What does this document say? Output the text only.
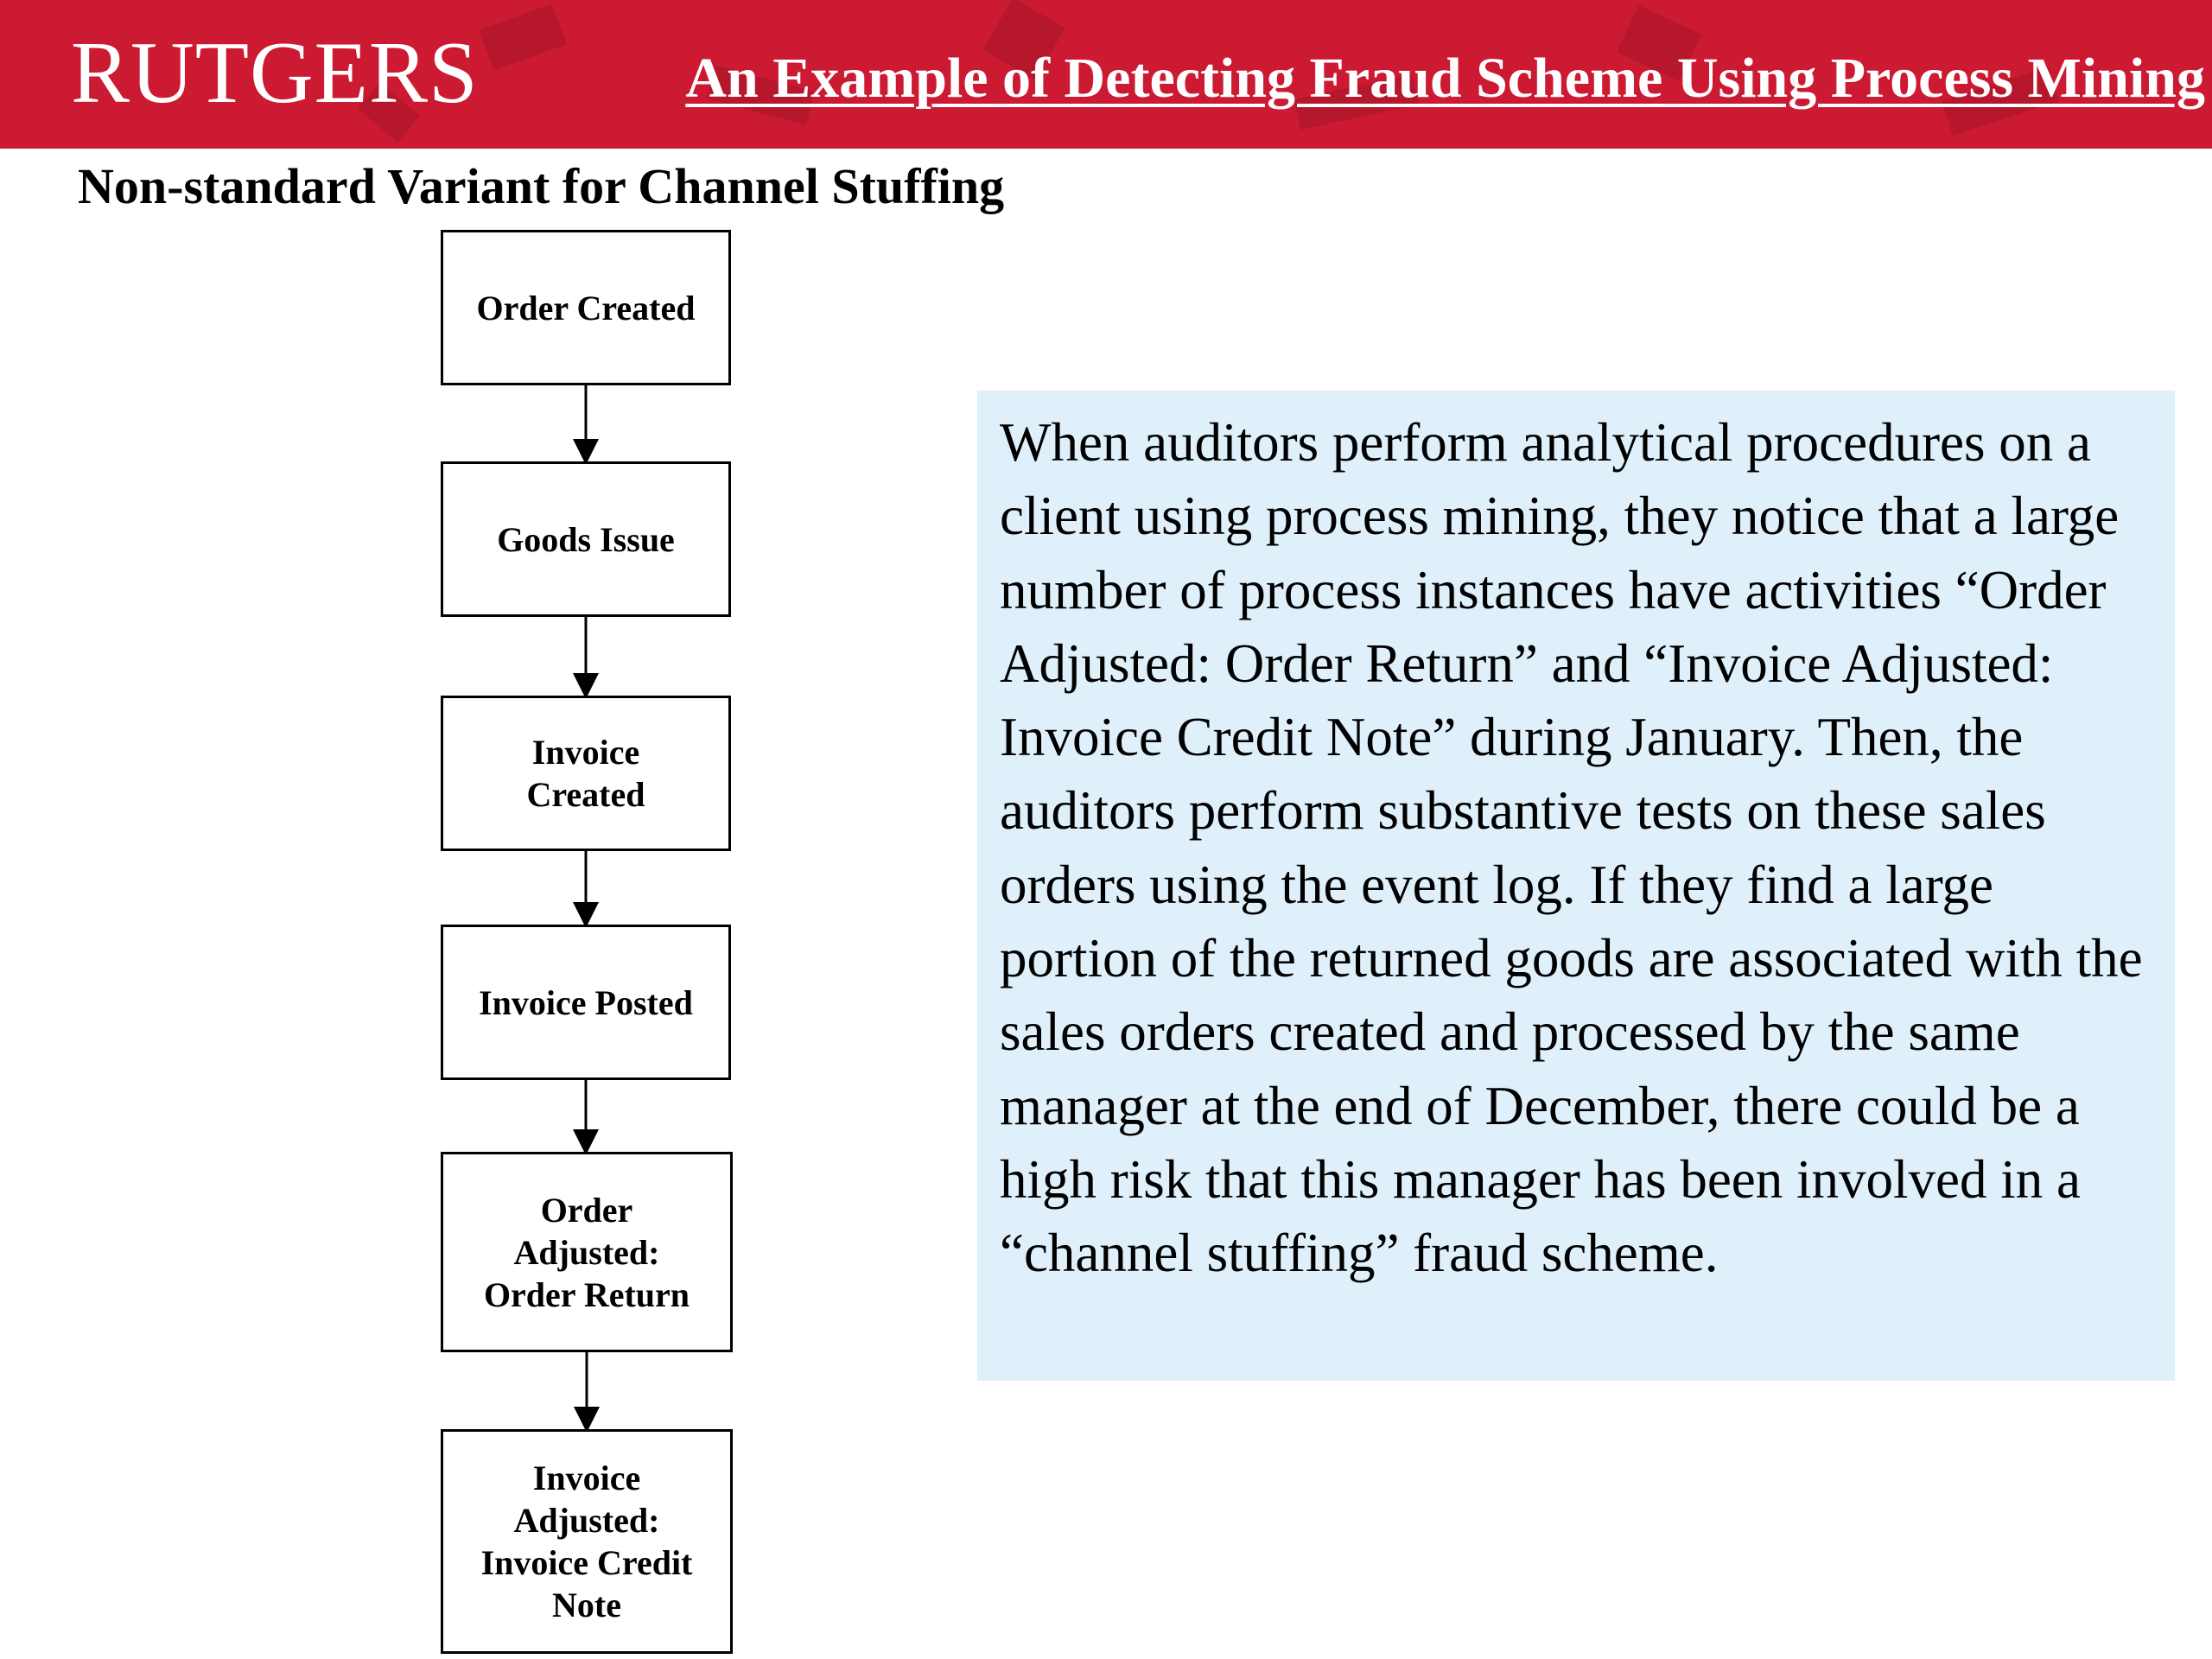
RUTGERS	An Example of Detecting Fraud Scheme Using Process Mining
Non-standard Variant for Channel Stuffing
Order Created
Goods Issue
Invoice Created
Invoice Posted
Order Adjusted: Order Return
Invoice Adjusted: Invoice Credit Note

When auditors perform analytical procedures on a client using process mining, they notice that a large number of process instances have activities “Order Adjusted: Order Return” and “Invoice Adjusted: Invoice Credit Note” during January. Then, the auditors perform substantive tests on these sales orders using the event log. If they find a large portion of the returned goods are associated with the sales orders created and processed by the same manager at the end of December, there could be a high risk that this manager has been involved in a “channel stuffing” fraud scheme.
